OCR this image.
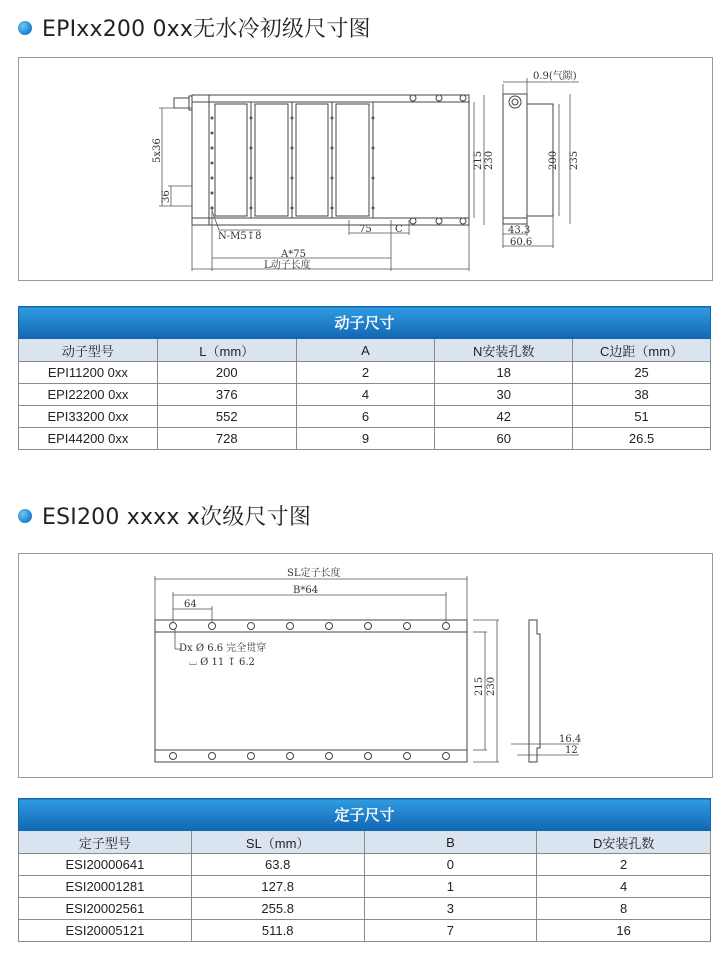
EPIxx200 0xx无水冷初级尺寸图
0.9(气隙)
5x36
36
215 230	200 235
43.3
60.6
N-M5↧8
75 C
A*75
L动子长度
动子尺寸				
动子型号	L（mm）	A	N安装孔数	C边距（mm）
EPI11200 0xx	200	2	18	25
EPI22200 0xx	376	4	30	38
EPI33200 0xx	552	6	42	51
EPI44200 0xx	728	9	60	26.5
ESI200 xxxx x次级尺寸图
SL定子长度
B*64
64
Dx Ø 6.6 完全贯穿
⌴ Ø 11 ↧ 6.2
215 230
16.4
12
定子尺寸			
定子型号	SL（mm）	B	D安装孔数
ESI20000641	63.8	0	2
ESI20001281	127.8	1	4
ESI20002561	255.8	3	8
ESI20005121	511.8	7	16
